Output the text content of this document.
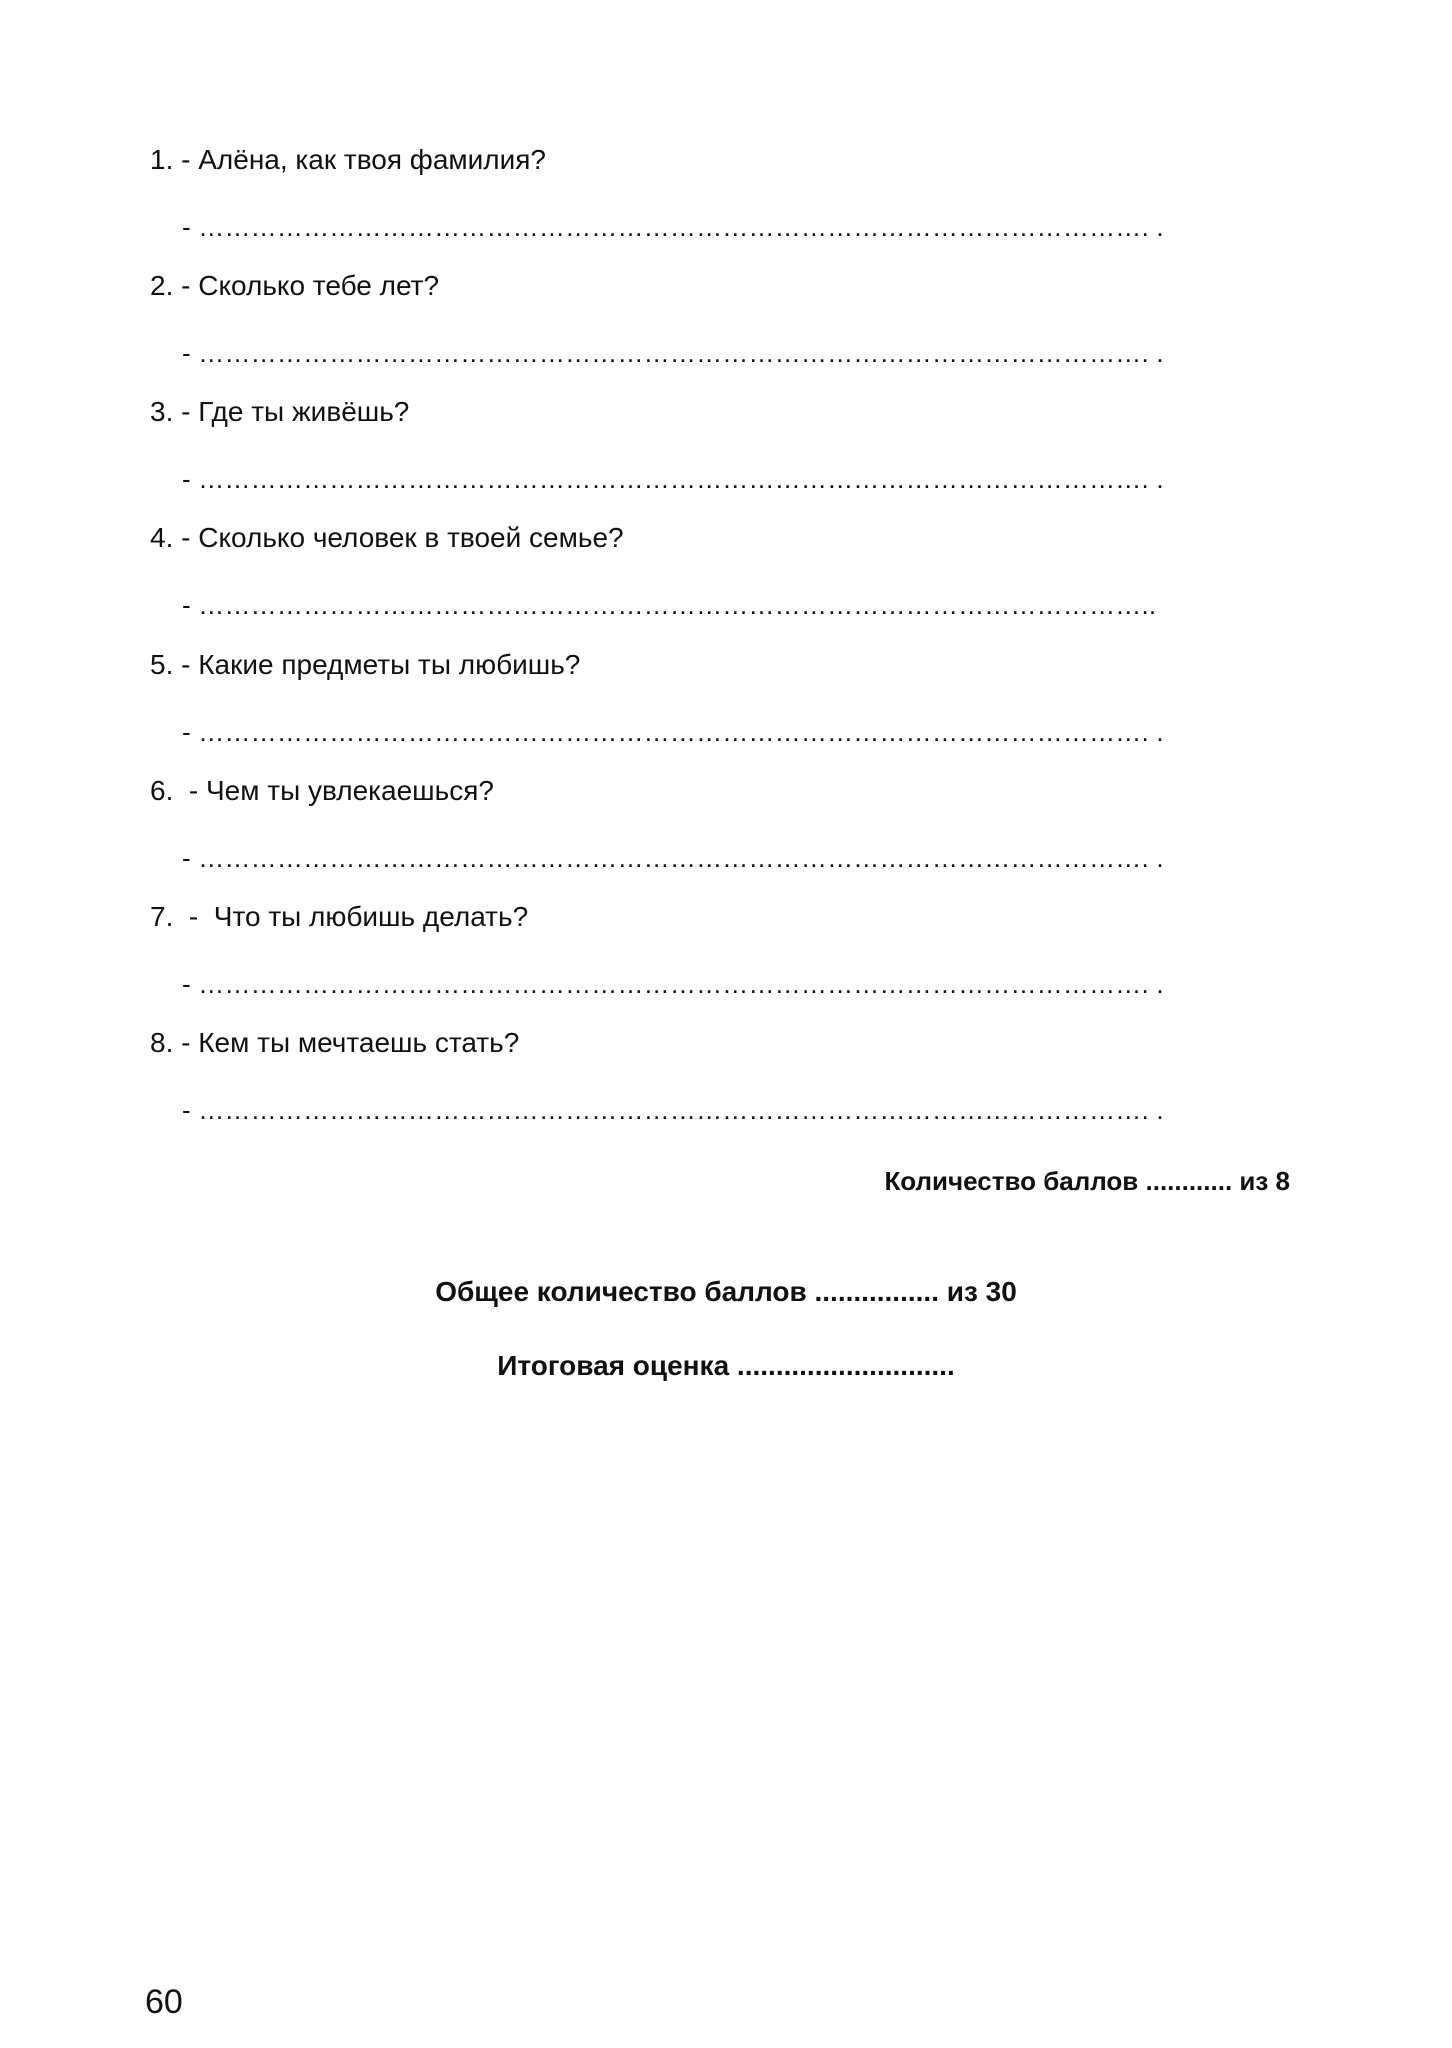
1. - Алёна, как твоя фамилия?
- ………………………………………………………………………………………………. .
2. - Сколько тебе лет?
- ………………………………………………………………………………………………. .
3. - Где ты живёшь?
- ………………………………………………………………………………………………. .
4. - Сколько человек в твоей семье?
- ………………………………………………………………………………………………..
5. - Какие предметы ты любишь?
- ………………………………………………………………………………………………. .
6.  - Чем ты увлекаешься?
- ………………………………………………………………………………………………. .
7.  -  Что ты любишь делать?
- ………………………………………………………………………………………………. .
8. - Кем ты мечтаешь стать?
- ………………………………………………………………………………………………. .
Количество баллов ............ из 8
Общее количество баллов ................ из 30
Итоговая оценка ............................
60
